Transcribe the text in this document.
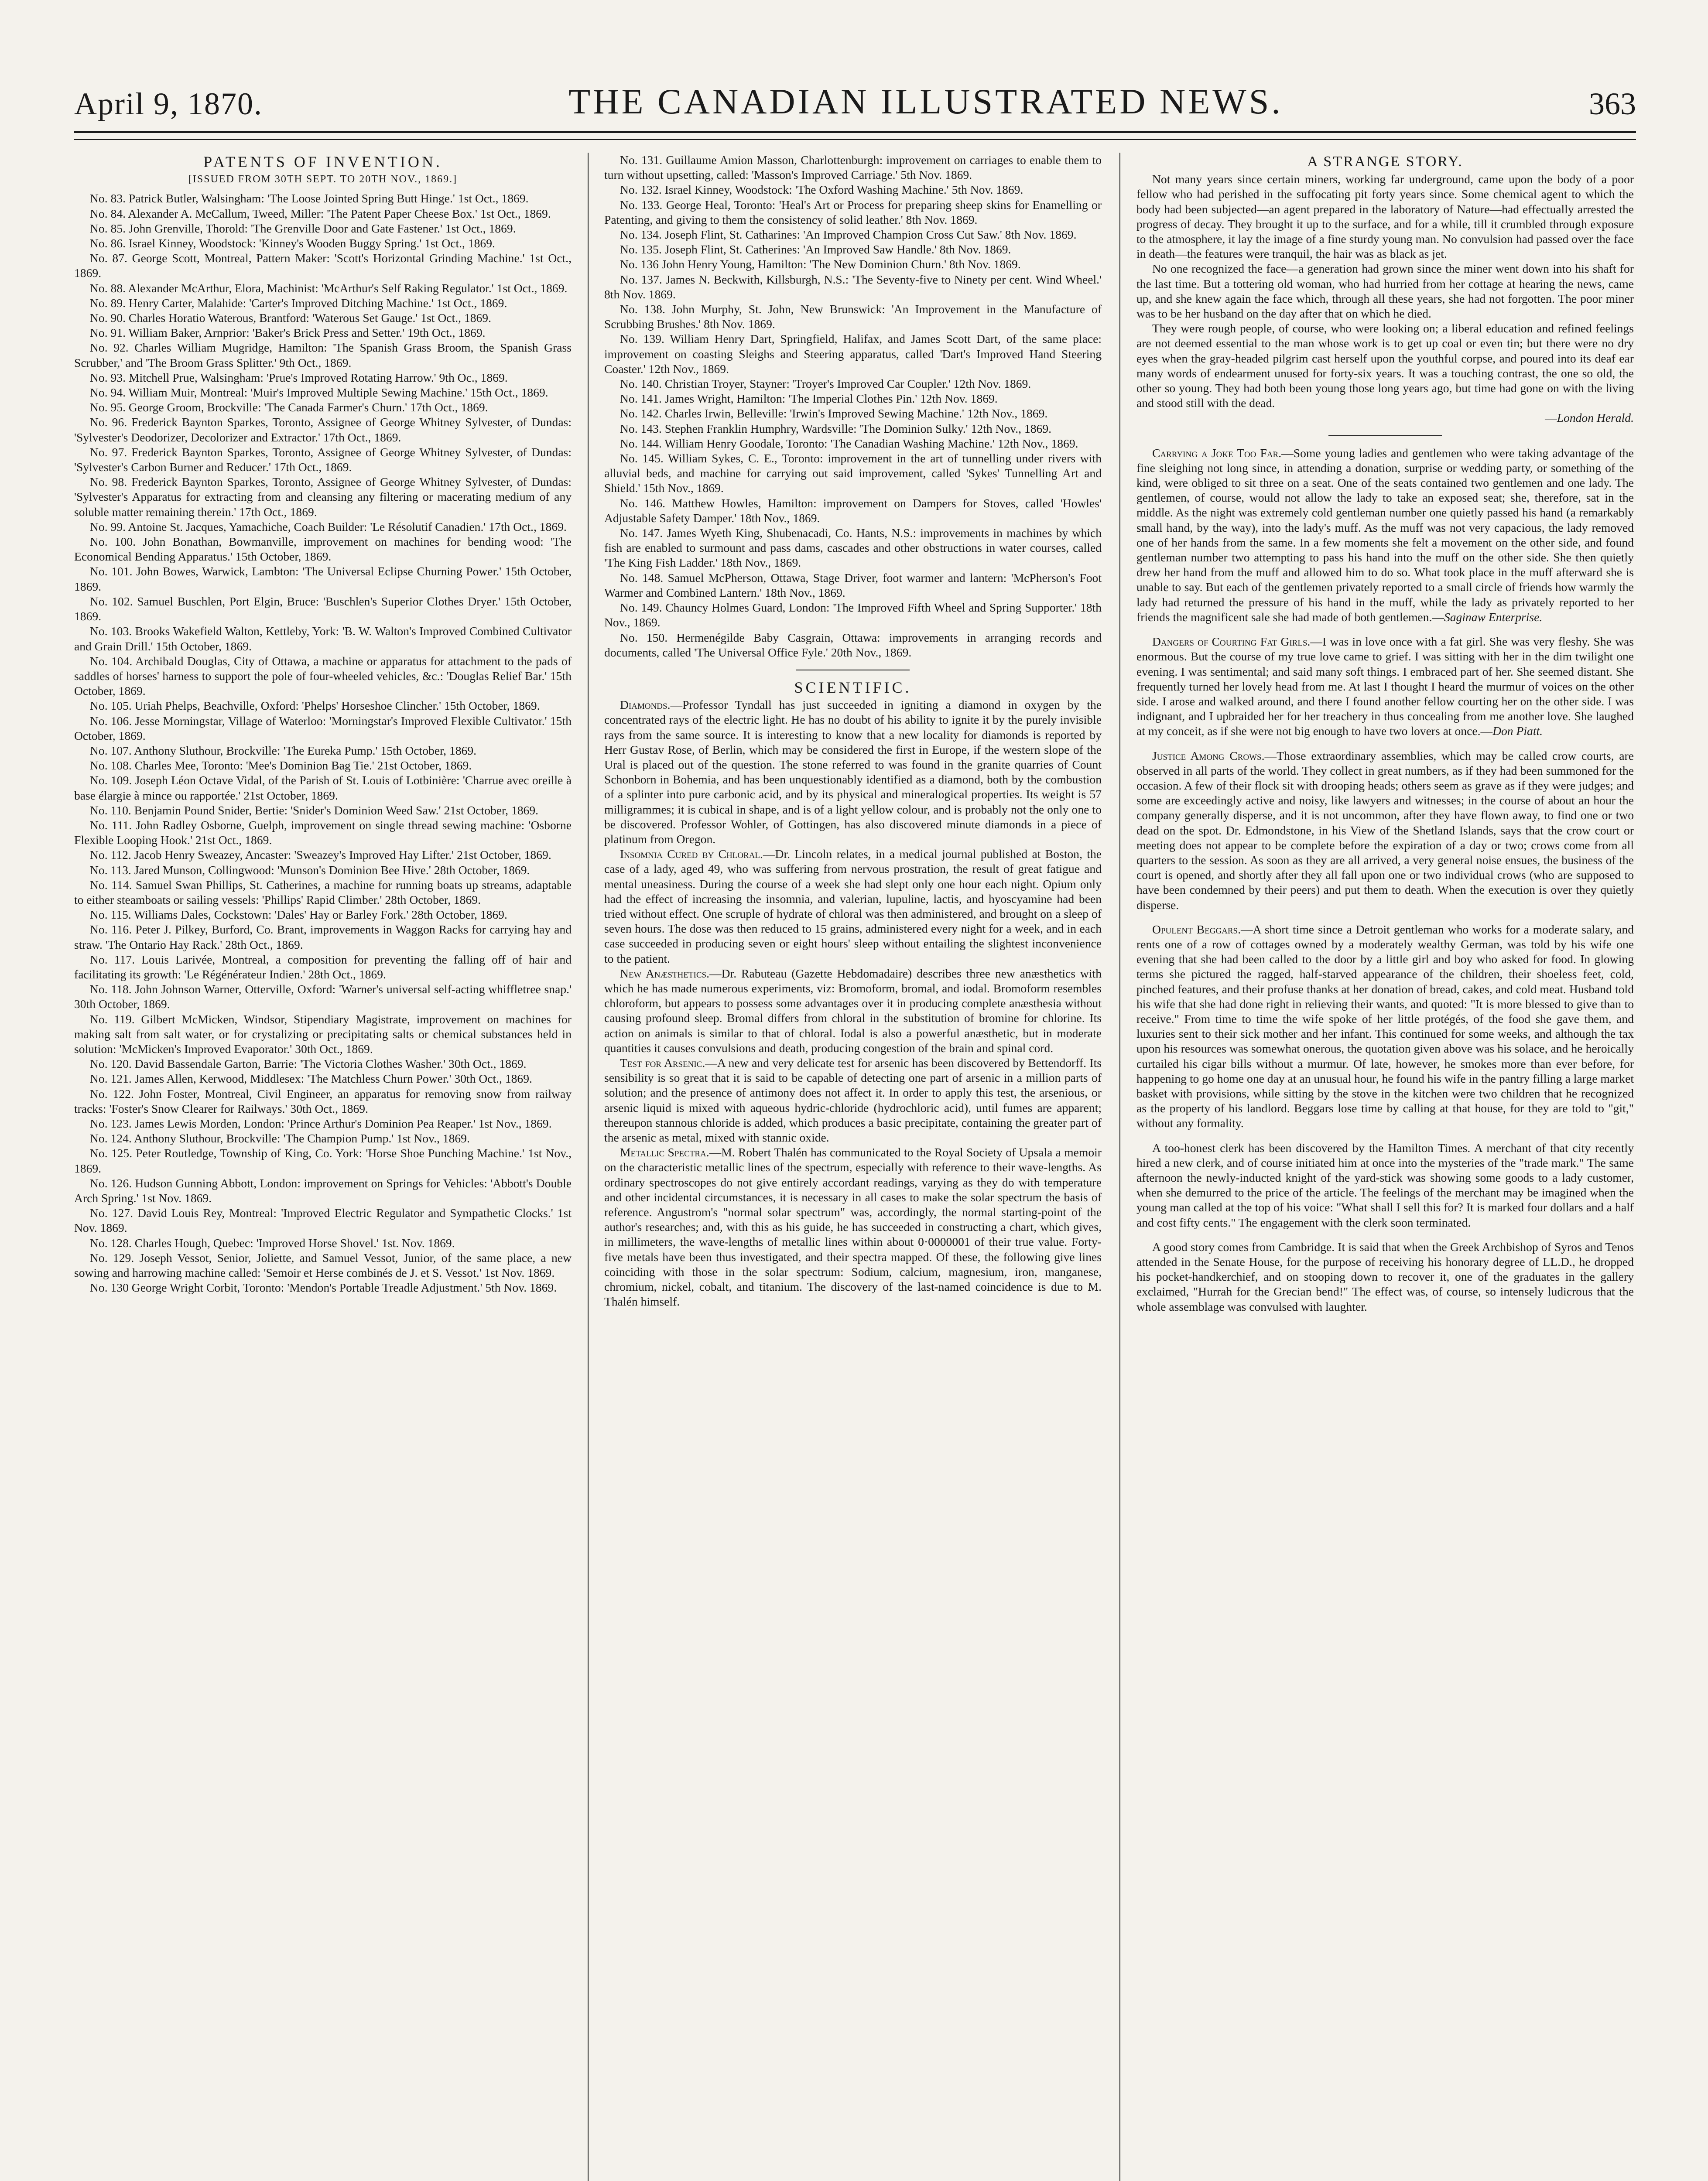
April 9, 1870.	THE CANADIAN ILLUSTRATED NEWS.	363
PATENTS OF INVENTION.
[ISSUED FROM 30TH SEPT. TO 20TH NOV., 1869.]

No. 83. Patrick Butler, Walsingham: 'The Loose Jointed Spring Butt Hinge.' 1st Oct., 1869.

No. 84. Alexander A. McCallum, Tweed, Miller: 'The Patent Paper Cheese Box.' 1st Oct., 1869.

No. 85. John Grenville, Thorold: 'The Grenville Door and Gate Fastener.' 1st Oct., 1869.

No. 86. Israel Kinney, Woodstock: 'Kinney's Wooden Buggy Spring.' 1st Oct., 1869.

No. 87. George Scott, Montreal, Pattern Maker: 'Scott's Horizontal Grinding Machine.' 1st Oct., 1869.

No. 88. Alexander McArthur, Elora, Machinist: 'McArthur's Self Raking Regulator.' 1st Oct., 1869.

No. 89. Henry Carter, Malahide: 'Carter's Improved Ditching Machine.' 1st Oct., 1869.

No. 90. Charles Horatio Waterous, Brantford: 'Waterous Set Gauge.' 1st Oct., 1869.

No. 91. William Baker, Arnprior: 'Baker's Brick Press and Setter.' 19th Oct., 1869.

No. 92. Charles William Mugridge, Hamilton: 'The Spanish Grass Broom, the Spanish Grass Scrubber,' and 'The Broom Grass Splitter.' 9th Oct., 1869.

No. 93. Mitchell Prue, Walsingham: 'Prue's Improved Rotating Harrow.' 9th Oc., 1869.

No. 94. William Muir, Montreal: 'Muir's Improved Multiple Sewing Machine.' 15th Oct., 1869.

No. 95. George Groom, Brockville: 'The Canada Farmer's Churn.' 17th Oct., 1869.

No. 96. Frederick Baynton Sparkes, Toronto, Assignee of George Whitney Sylvester, of Dundas: 'Sylvester's Deodorizer, Decolorizer and Extractor.' 17th Oct., 1869.

No. 97. Frederick Baynton Sparkes, Toronto, Assignee of George Whitney Sylvester, of Dundas: 'Sylvester's Carbon Burner and Reducer.' 17th Oct., 1869.

No. 98. Frederick Baynton Sparkes, Toronto, Assignee of George Whitney Sylvester, of Dundas: 'Sylvester's Apparatus for extracting from and cleansing any filtering or macerating medium of any soluble matter remaining therein.' 17th Oct., 1869.

No. 99. Antoine St. Jacques, Yamachiche, Coach Builder: 'Le Résolutif Canadien.' 17th Oct., 1869.

No. 100. John Bonathan, Bowmanville, improvement on machines for bending wood: 'The Economical Bending Apparatus.' 15th October, 1869.

No. 101. John Bowes, Warwick, Lambton: 'The Universal Eclipse Churning Power.' 15th October, 1869.

No. 102. Samuel Buschlen, Port Elgin, Bruce: 'Buschlen's Superior Clothes Dryer.' 15th October, 1869.

No. 103. Brooks Wakefield Walton, Kettleby, York: 'B. W. Walton's Improved Combined Cultivator and Grain Drill.' 15th October, 1869.

No. 104. Archibald Douglas, City of Ottawa, a machine or apparatus for attachment to the pads of saddles of horses' harness to support the pole of four-wheeled vehicles, &c.: 'Douglas Relief Bar.' 15th October, 1869.

No. 105. Uriah Phelps, Beachville, Oxford: 'Phelps' Horseshoe Clincher.' 15th October, 1869.

No. 106. Jesse Morningstar, Village of Waterloo: 'Morningstar's Improved Flexible Cultivator.' 15th October, 1869.

No. 107. Anthony Sluthour, Brockville: 'The Eureka Pump.' 15th October, 1869.

No. 108. Charles Mee, Toronto: 'Mee's Dominion Bag Tie.' 21st October, 1869.

No. 109. Joseph Léon Octave Vidal, of the Parish of St. Louis of Lotbinière: 'Charrue avec oreille à base élargie à mince ou rapportée.' 21st October, 1869.

No. 110. Benjamin Pound Snider, Bertie: 'Snider's Dominion Weed Saw.' 21st October, 1869.

No. 111. John Radley Osborne, Guelph, improvement on single thread sewing machine: 'Osborne Flexible Looping Hook.' 21st Oct., 1869.

No. 112. Jacob Henry Sweazey, Ancaster: 'Sweazey's Improved Hay Lifter.' 21st October, 1869.

No. 113. Jared Munson, Collingwood: 'Munson's Dominion Bee Hive.' 28th October, 1869.

No. 114. Samuel Swan Phillips, St. Catherines, a machine for running boats up streams, adaptable to either steamboats or sailing vessels: 'Phillips' Rapid Climber.' 28th October, 1869.

No. 115. Williams Dales, Cockstown: 'Dales' Hay or Barley Fork.' 28th October, 1869.

No. 116. Peter J. Pilkey, Burford, Co. Brant, improvements in Waggon Racks for carrying hay and straw. 'The Ontario Hay Rack.' 28th Oct., 1869.

No. 117. Louis Larivée, Montreal, a composition for preventing the falling off of hair and facilitating its growth: 'Le Régénérateur Indien.' 28th Oct., 1869.

No. 118. John Johnson Warner, Otterville, Oxford: 'Warner's universal self-acting whiffletree snap.' 30th October, 1869.

No. 119. Gilbert McMicken, Windsor, Stipendiary Magistrate, improvement on machines for making salt from salt water, or for crystalizing or precipitating salts or chemical substances held in solution: 'McMicken's Improved Evaporator.' 30th Oct., 1869.

No. 120. David Bassendale Garton, Barrie: 'The Victoria Clothes Washer.' 30th Oct., 1869.

No. 121. James Allen, Kerwood, Middlesex: 'The Matchless Churn Power.' 30th Oct., 1869.

No. 122. John Foster, Montreal, Civil Engineer, an apparatus for removing snow from railway tracks: 'Foster's Snow Clearer for Railways.' 30th Oct., 1869.

No. 123. James Lewis Morden, London: 'Prince Arthur's Dominion Pea Reaper.' 1st Nov., 1869.

No. 124. Anthony Sluthour, Brockville: 'The Champion Pump.' 1st Nov., 1869.

No. 125. Peter Routledge, Township of King, Co. York: 'Horse Shoe Punching Machine.' 1st Nov., 1869.

No. 126. Hudson Gunning Abbott, London: improvement on Springs for Vehicles: 'Abbott's Double Arch Spring.' 1st Nov. 1869.

No. 127. David Louis Rey, Montreal: 'Improved Electric Regulator and Sympathetic Clocks.' 1st Nov. 1869.

No. 128. Charles Hough, Quebec: 'Improved Horse Shovel.' 1st. Nov. 1869.

No. 129. Joseph Vessot, Senior, Joliette, and Samuel Vessot, Junior, of the same place, a new sowing and harrowing machine called: 'Semoir et Herse combinés de J. et S. Vessot.' 1st Nov. 1869.

No. 130 George Wright Corbit, Toronto: 'Mendon's Portable Treadle Adjustment.' 5th Nov. 1869.

No. 131. Guillaume Amion Masson, Charlottenburgh: improvement on carriages to enable them to turn without upsetting, called: 'Masson's Improved Carriage.' 5th Nov. 1869.

No. 132. Israel Kinney, Woodstock: 'The Oxford Washing Machine.' 5th Nov. 1869.

No. 133. George Heal, Toronto: 'Heal's Art or Process for preparing sheep skins for Enamelling or Patenting, and giving to them the consistency of solid leather.' 8th Nov. 1869.

No. 134. Joseph Flint, St. Catharines: 'An Improved Champion Cross Cut Saw.' 8th Nov. 1869.

No. 135. Joseph Flint, St. Catherines: 'An Improved Saw Handle.' 8th Nov. 1869.

No. 136 John Henry Young, Hamilton: 'The New Dominion Churn.' 8th Nov. 1869.

No. 137. James N. Beckwith, Killsburgh, N.S.: 'The Seventy-five to Ninety per cent. Wind Wheel.' 8th Nov. 1869.

No. 138. John Murphy, St. John, New Brunswick: 'An Improvement in the Manufacture of Scrubbing Brushes.' 8th Nov. 1869.

No. 139. William Henry Dart, Springfield, Halifax, and James Scott Dart, of the same place: improvement on coasting Sleighs and Steering apparatus, called 'Dart's Improved Hand Steering Coaster.' 12th Nov., 1869.

No. 140. Christian Troyer, Stayner: 'Troyer's Improved Car Coupler.' 12th Nov. 1869.

No. 141. James Wright, Hamilton: 'The Imperial Clothes Pin.' 12th Nov. 1869.

No. 142. Charles Irwin, Belleville: 'Irwin's Improved Sewing Machine.' 12th Nov., 1869.

No. 143. Stephen Franklin Humphry, Wardsville: 'The Dominion Sulky.' 12th Nov., 1869.

No. 144. William Henry Goodale, Toronto: 'The Canadian Washing Machine.' 12th Nov., 1869.

No. 145. William Sykes, C. E., Toronto: improvement in the art of tunnelling under rivers with alluvial beds, and machine for carrying out said improvement, called 'Sykes' Tunnelling Art and Shield.' 15th Nov., 1869.

No. 146. Matthew Howles, Hamilton: improvement on Dampers for Stoves, called 'Howles' Adjustable Safety Damper.' 18th Nov., 1869.

No. 147. James Wyeth King, Shubenacadi, Co. Hants, N.S.: improvements in machines by which fish are enabled to surmount and pass dams, cascades and other obstructions in water courses, called 'The King Fish Ladder.' 18th Nov., 1869.

No. 148. Samuel McPherson, Ottawa, Stage Driver, foot warmer and lantern: 'McPherson's Foot Warmer and Combined Lantern.' 18th Nov., 1869.

No. 149. Chauncy Holmes Guard, London: 'The Improved Fifth Wheel and Spring Supporter.' 18th Nov., 1869.

No. 150. Hermenégilde Baby Casgrain, Ottawa: improvements in arranging records and documents, called 'The Universal Office Fyle.' 20th Nov., 1869.

SCIENTIFIC.

Diamonds.—Professor Tyndall has just succeeded in igniting a diamond in oxygen by the concentrated rays of the electric light. He has no doubt of his ability to ignite it by the purely invisible rays from the same source. It is interesting to know that a new locality for diamonds is reported by Herr Gustav Rose, of Berlin, which may be considered the first in Europe, if the western slope of the Ural is placed out of the question. The stone referred to was found in the granite quarries of Count Schonborn in Bohemia, and has been unquestionably identified as a diamond, both by the combustion of a splinter into pure carbonic acid, and by its physical and mineralogical properties. Its weight is 57 milligrammes; it is cubical in shape, and is of a light yellow colour, and is probably not the only one to be discovered. Professor Wohler, of Gottingen, has also discovered minute diamonds in a piece of platinum from Oregon.

Insomnia Cured by Chloral.—Dr. Lincoln relates, in a medical journal published at Boston, the case of a lady, aged 49, who was suffering from nervous prostration, the result of great fatigue and mental uneasiness. During the course of a week she had slept only one hour each night. Opium only had the effect of increasing the insomnia, and valerian, lupuline, lactis, and hyoscyamine had been tried without effect. One scruple of hydrate of chloral was then administered, and brought on a sleep of seven hours. The dose was then reduced to 15 grains, administered every night for a week, and in each case succeeded in producing seven or eight hours' sleep without entailing the slightest inconvenience to the patient.

New Anæsthetics.—Dr. Rabuteau (Gazette Hebdomadaire) describes three new anæsthetics with which he has made numerous experiments, viz: Bromoform, bromal, and iodal. Bromoform resembles chloroform, but appears to possess some advantages over it in producing complete anæsthesia without causing profound sleep. Bromal differs from chloral in the substitution of bromine for chlorine. Its action on animals is similar to that of chloral. Iodal is also a powerful anæsthetic, but in moderate quantities it causes convulsions and death, producing congestion of the brain and spinal cord.

Test for Arsenic.—A new and very delicate test for arsenic has been discovered by Bettendorff. Its sensibility is so great that it is said to be capable of detecting one part of arsenic in a million parts of solution; and the presence of antimony does not affect it. In order to apply this test, the arsenious, or arsenic liquid is mixed with aqueous hydric-chloride (hydrochloric acid), until fumes are apparent; thereupon stannous chloride is added, which produces a basic precipitate, containing the greater part of the arsenic as metal, mixed with stannic oxide.

Metallic Spectra.—M. Robert Thalén has communicated to the Royal Society of Upsala a memoir on the characteristic metallic lines of the spectrum, especially with reference to their wave-lengths. As ordinary spectroscopes do not give entirely accordant readings, varying as they do with temperature and other incidental circumstances, it is necessary in all cases to make the solar spectrum the basis of reference. Angustrom's "normal solar spectrum" was, accordingly, the normal starting-point of the author's researches; and, with this as his guide, he has succeeded in constructing a chart, which gives, in millimeters, the wave-lengths of metallic lines within about 0·0000001 of their true value. Forty-five metals have been thus investigated, and their spectra mapped. Of these, the following give lines coinciding with those in the solar spectrum: Sodium, calcium, magnesium, iron, manganese, chromium, nickel, cobalt, and titanium. The discovery of the last-named coincidence is due to M. Thalén himself.

A STRANGE STORY.

Not many years since certain miners, working far underground, came upon the body of a poor fellow who had perished in the suffocating pit forty years since. Some chemical agent to which the body had been subjected—an agent prepared in the laboratory of Nature—had effectually arrested the progress of decay. They brought it up to the surface, and for a while, till it crumbled through exposure to the atmosphere, it lay the image of a fine sturdy young man. No convulsion had passed over the face in death—the features were tranquil, the hair was as black as jet.

No one recognized the face—a generation had grown since the miner went down into his shaft for the last time. But a tottering old woman, who had hurried from her cottage at hearing the news, came up, and she knew again the face which, through all these years, she had not forgotten. The poor miner was to be her husband on the day after that on which he died.

They were rough people, of course, who were looking on; a liberal education and refined feelings are not deemed essential to the man whose work is to get up coal or even tin; but there were no dry eyes when the gray-headed pilgrim cast herself upon the youthful corpse, and poured into its deaf ear many words of endearment unused for forty-six years. It was a touching contrast, the one so old, the other so young. They had both been young those long years ago, but time had gone on with the living and stood still with the dead.

—London Herald.

Carrying a Joke Too Far.—Some young ladies and gentlemen who were taking advantage of the fine sleighing not long since, in attending a donation, surprise or wedding party, or something of the kind, were obliged to sit three on a seat. One of the seats contained two gentlemen and one lady. The gentlemen, of course, would not allow the lady to take an exposed seat; she, therefore, sat in the middle. As the night was extremely cold gentleman number one quietly passed his hand (a remarkably small hand, by the way), into the lady's muff. As the muff was not very capacious, the lady removed one of her hands from the same. In a few moments she felt a movement on the other side, and found gentleman number two attempting to pass his hand into the muff on the other side. She then quietly drew her hand from the muff and allowed him to do so. What took place in the muff afterward she is unable to say. But each of the gentlemen privately reported to a small circle of friends how warmly the lady had returned the pressure of his hand in the muff, while the lady as privately reported to her friends the magnificent sale she had made of both gentlemen.—Saginaw Enterprise.

Dangers of Courting Fat Girls.—I was in love once with a fat girl. She was very fleshy. She was enormous. But the course of my true love came to grief. I was sitting with her in the dim twilight one evening. I was sentimental; and said many soft things. I embraced part of her. She seemed distant. She frequently turned her lovely head from me. At last I thought I heard the murmur of voices on the other side. I arose and walked around, and there I found another fellow courting her on the other side. I was indignant, and I upbraided her for her treachery in thus concealing from me another love. She laughed at my conceit, as if she were not big enough to have two lovers at once.—Don Piatt.

Justice Among Crows.—Those extraordinary assemblies, which may be called crow courts, are observed in all parts of the world. They collect in great numbers, as if they had been summoned for the occasion. A few of their flock sit with drooping heads; others seem as grave as if they were judges; and some are exceedingly active and noisy, like lawyers and witnesses; in the course of about an hour the company generally disperse, and it is not uncommon, after they have flown away, to find one or two dead on the spot. Dr. Edmondstone, in his View of the Shetland Islands, says that the crow court or meeting does not appear to be complete before the expiration of a day or two; crows come from all quarters to the session. As soon as they are all arrived, a very general noise ensues, the business of the court is opened, and shortly after they all fall upon one or two individual crows (who are supposed to have been condemned by their peers) and put them to death. When the execution is over they quietly disperse.

Opulent Beggars.—A short time since a Detroit gentleman who works for a moderate salary, and rents one of a row of cottages owned by a moderately wealthy German, was told by his wife one evening that she had been called to the door by a little girl and boy who asked for food. In glowing terms she pictured the ragged, half-starved appearance of the children, their shoeless feet, cold, pinched features, and their profuse thanks at her donation of bread, cakes, and cold meat. Husband told his wife that she had done right in relieving their wants, and quoted: "It is more blessed to give than to receive." From time to time the wife spoke of her little protégés, of the food she gave them, and luxuries sent to their sick mother and her infant. This continued for some weeks, and although the tax upon his resources was somewhat onerous, the quotation given above was his solace, and he heroically curtailed his cigar bills without a murmur. Of late, however, he smokes more than ever before, for happening to go home one day at an unusual hour, he found his wife in the pantry filling a large market basket with provisions, while sitting by the stove in the kitchen were two children that he recognized as the property of his landlord. Beggars lose time by calling at that house, for they are told to "git," without any formality.

A too-honest clerk has been discovered by the Hamilton Times. A merchant of that city recently hired a new clerk, and of course initiated him at once into the mysteries of the "trade mark." The same afternoon the newly-inducted knight of the yard-stick was showing some goods to a lady customer, when she demurred to the price of the article. The feelings of the merchant may be imagined when the young man called at the top of his voice: "What shall I sell this for? It is marked four dollars and a half and cost fifty cents." The engagement with the clerk soon terminated.

A good story comes from Cambridge. It is said that when the Greek Archbishop of Syros and Tenos attended in the Senate House, for the purpose of receiving his honorary degree of LL.D., he dropped his pocket-handkerchief, and on stooping down to recover it, one of the graduates in the gallery exclaimed, "Hurrah for the Grecian bend!" The effect was, of course, so intensely ludicrous that the whole assemblage was convulsed with laughter.
